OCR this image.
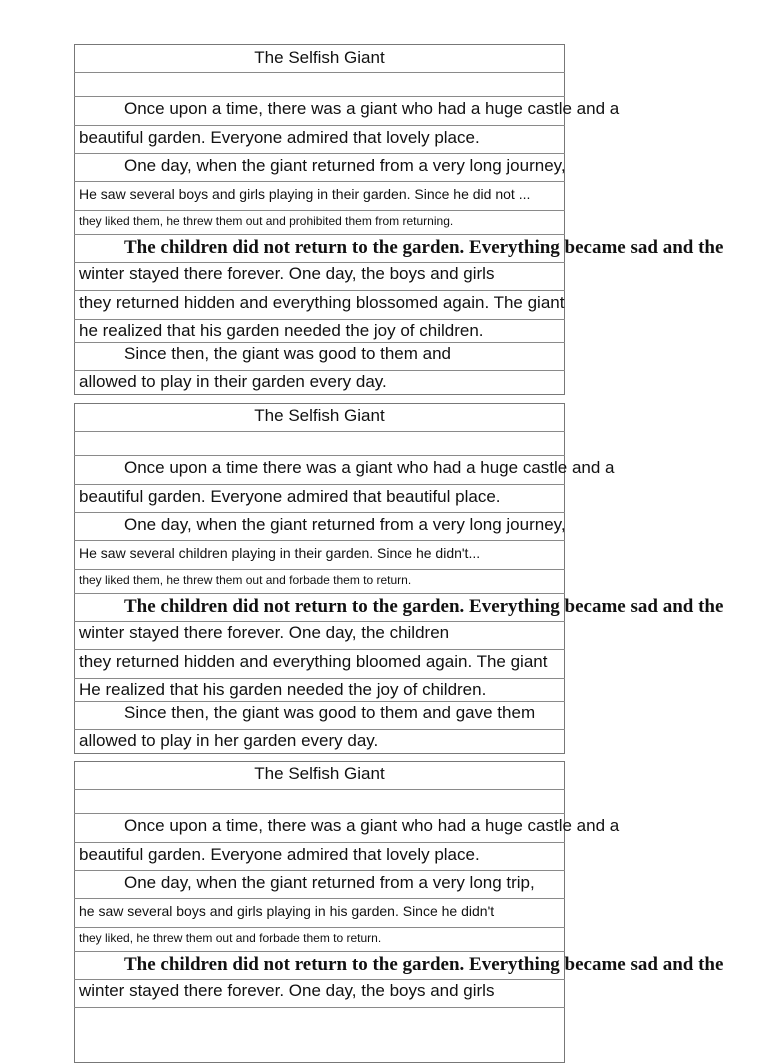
The Selfish Giant
Once upon a time, there was a giant who had a huge castle and a
beautiful garden. Everyone admired that lovely place.
One day, when the giant returned from a very long journey,
He saw several boys and girls playing in their garden. Since he did not ...
they liked them, he threw them out and prohibited them from returning.
The children did not return to the garden. Everything became sad and the
winter stayed there forever. One day, the boys and girls
they returned hidden and everything blossomed again. The giant
he realized that his garden needed the joy of children.
Since then, the giant was good to them and
allowed to play in their garden every day.
The Selfish Giant
Once upon a time there was a giant who had a huge castle and a
beautiful garden. Everyone admired that beautiful place.
One day, when the giant returned from a very long journey,
He saw several children playing in their garden. Since he didn't...
they liked them, he threw them out and forbade them to return.
The children did not return to the garden. Everything became sad and the
winter stayed there forever. One day, the children
they returned hidden and everything bloomed again. The giant
He realized that his garden needed the joy of children.
Since then, the giant was good to them and gave them
allowed to play in her garden every day.
The Selfish Giant
Once upon a time, there was a giant who had a huge castle and a
beautiful garden. Everyone admired that lovely place.
One day, when the giant returned from a very long trip,
he saw several boys and girls playing in his garden. Since he didn't
they liked, he threw them out and forbade them to return.
The children did not return to the garden. Everything became sad and the
winter stayed there forever. One day, the boys and girls
